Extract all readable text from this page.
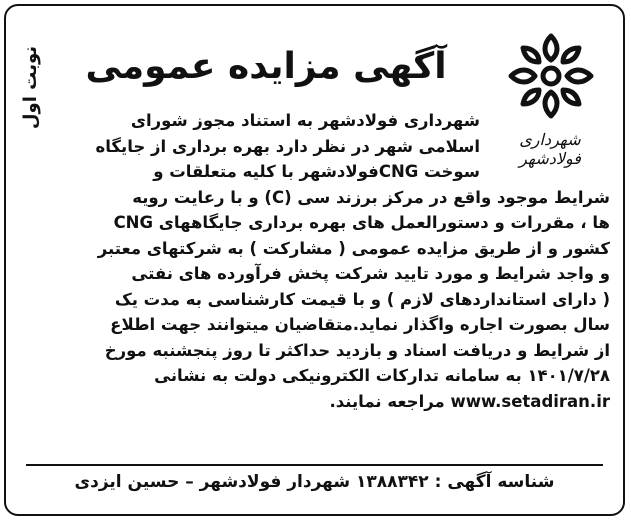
نوبت اول
شهرداری فولادشهر
آگهی مزایده عمومی
شهرداری فولادشهر به استناد مجوز شورای
اسلامی شهر در نظر دارد بهره برداری از جایگاه
سوخت CNGفولادشهر با کلیه متعلقات و
شرایط موجود واقع در مرکز برزند سی (C) و با رعایت رویه
ها ، مقررات و دستورالعمل های بهره برداری جایگاههای CNG
کشور و از طریق مزایده عمومی ( مشارکت ) به شرکتهای معتبر
و واجد شرایط و مورد تایید شرکت پخش فرآورده های نفتی
( دارای استانداردهای لازم ) و با قیمت کارشناسی به مدت یک
سال بصورت اجاره واگذار نماید.متقاضیان میتوانند جهت اطلاع
از شرایط و دریافت اسناد و بازدید حداکثر تا روز پنجشنبه مورخ
۱۴۰۱/۷/۲۸ به سامانه تدارکات الکترونیکی دولت به نشانی
www.setadiran.ir مراجعه نمایند.
شناسه آگهی : ۱۳۸۸۳۴۲ شهردار فولادشهر – حسین ایزدی
